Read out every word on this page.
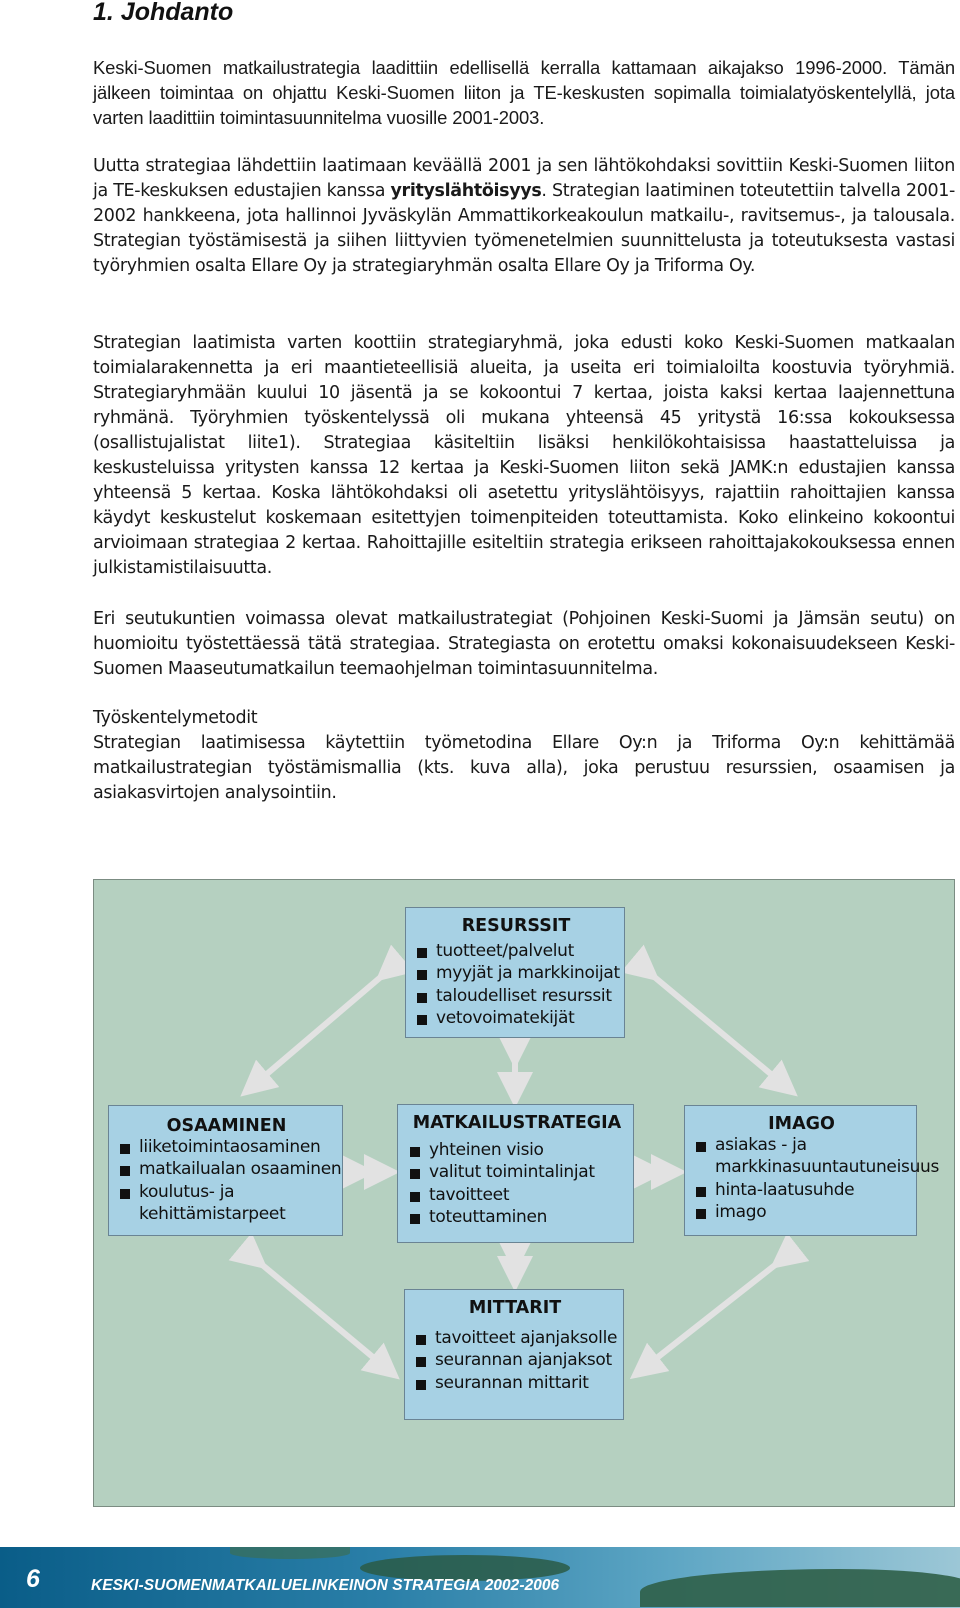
1. Johdanto

Keski-Suomen matkailustrategia laadittiin edellisellä kerralla kattamaan aikajakso 1996-2000. Tämän jälkeen toimintaa on ohjattu Keski-Suomen liiton ja TE-keskusten sopimalla toimialatyöskentelyllä, jota varten laadittiin toimintasuunnitelma vuosille 2001-2003.

Uutta strategiaa lähdettiin laatimaan keväällä 2001 ja sen lähtökohdaksi sovittiin Keski-Suomen liiton ja TE-keskuksen edustajien kanssa yrityslähtöisyys. Strategian laatiminen toteutettiin talvella 2001-2002 hankkeena, jota hallinnoi Jyväskylän Ammattikorkeakoulun matkailu-, ravitsemus-, ja talousala. Strategian työstämisestä ja siihen liittyvien työmenetelmien suunnittelusta ja toteutuksesta vastasi työryhmien osalta Ellare Oy ja strategiaryhmän osalta Ellare Oy ja Triforma Oy.

Strategian laatimista varten koottiin strategiaryhmä, joka edusti koko Keski-Suomen matkaalan toimialarakennetta ja eri maantieteellisiä alueita, ja useita eri toimialoilta koostuvia työryhmiä. Strategiaryhmään kuului 10 jäsentä ja se kokoontui 7 kertaa, joista kaksi kertaa laajennettuna ryhmänä. Työryhmien työskentelyssä oli mukana yhteensä 45 yritystä 16:ssa kokouksessa (osallistujalistat liite1). Strategiaa käsiteltiin lisäksi henkilökohtaisissa haastatteluissa ja keskusteluissa yritysten kanssa 12 kertaa ja Keski-Suomen liiton sekä JAMK:n edustajien kanssa yhteensä 5 kertaa. Koska lähtökohdaksi oli asetettu yrityslähtöisyys, rajattiin rahoittajien kanssa käydyt keskustelut koskemaan esitettyjen toimenpiteiden toteuttamista. Koko elinkeino kokoontui arvioimaan strategiaa 2 kertaa. Rahoittajille esiteltiin strategia erikseen rahoittajakokouksessa ennen julkistamistilaisuutta.

Eri seutukuntien voimassa olevat matkailustrategiat (Pohjoinen Keski-Suomi ja Jämsän seutu) on huomioitu työstettäessä tätä strategiaa. Strategiasta on erotettu omaksi kokonaisuudekseen Keski-Suomen Maaseutumatkailun teemaohjelman toimintasuunnitelma.

Työskentelymetodit
Strategian laatimisessa käytettiin työmetodina Ellare Oy:n ja Triforma Oy:n kehittämää matkailustrategian työstämismallia (kts. kuva alla), joka perustuu resurssien, osaamisen ja asiakasvirtojen analysointiin.
RESURSSIT
tuotteet/palvelut
myyjät ja markkinoijat
taloudelliset resurssit
vetovoimatekijät
OSAAMINEN
liiketoimintaosaminen
matkailualan osaaminen
koulutus- ja kehittämistarpeet
MATKAILUSTRATEGIA
yhteinen visio
valitut toimintalinjat
tavoitteet
toteuttaminen
IMAGO
asiakas - ja markkinasuuntautuneisuus
hinta-laatusuhde
imago
MITTARIT
tavoitteet ajanjaksolle
seurannan ajanjaksot
seurannan mittarit
6	KESKI-SUOMENMATKAILUELINKEINON STRATEGIA 2002-2006
